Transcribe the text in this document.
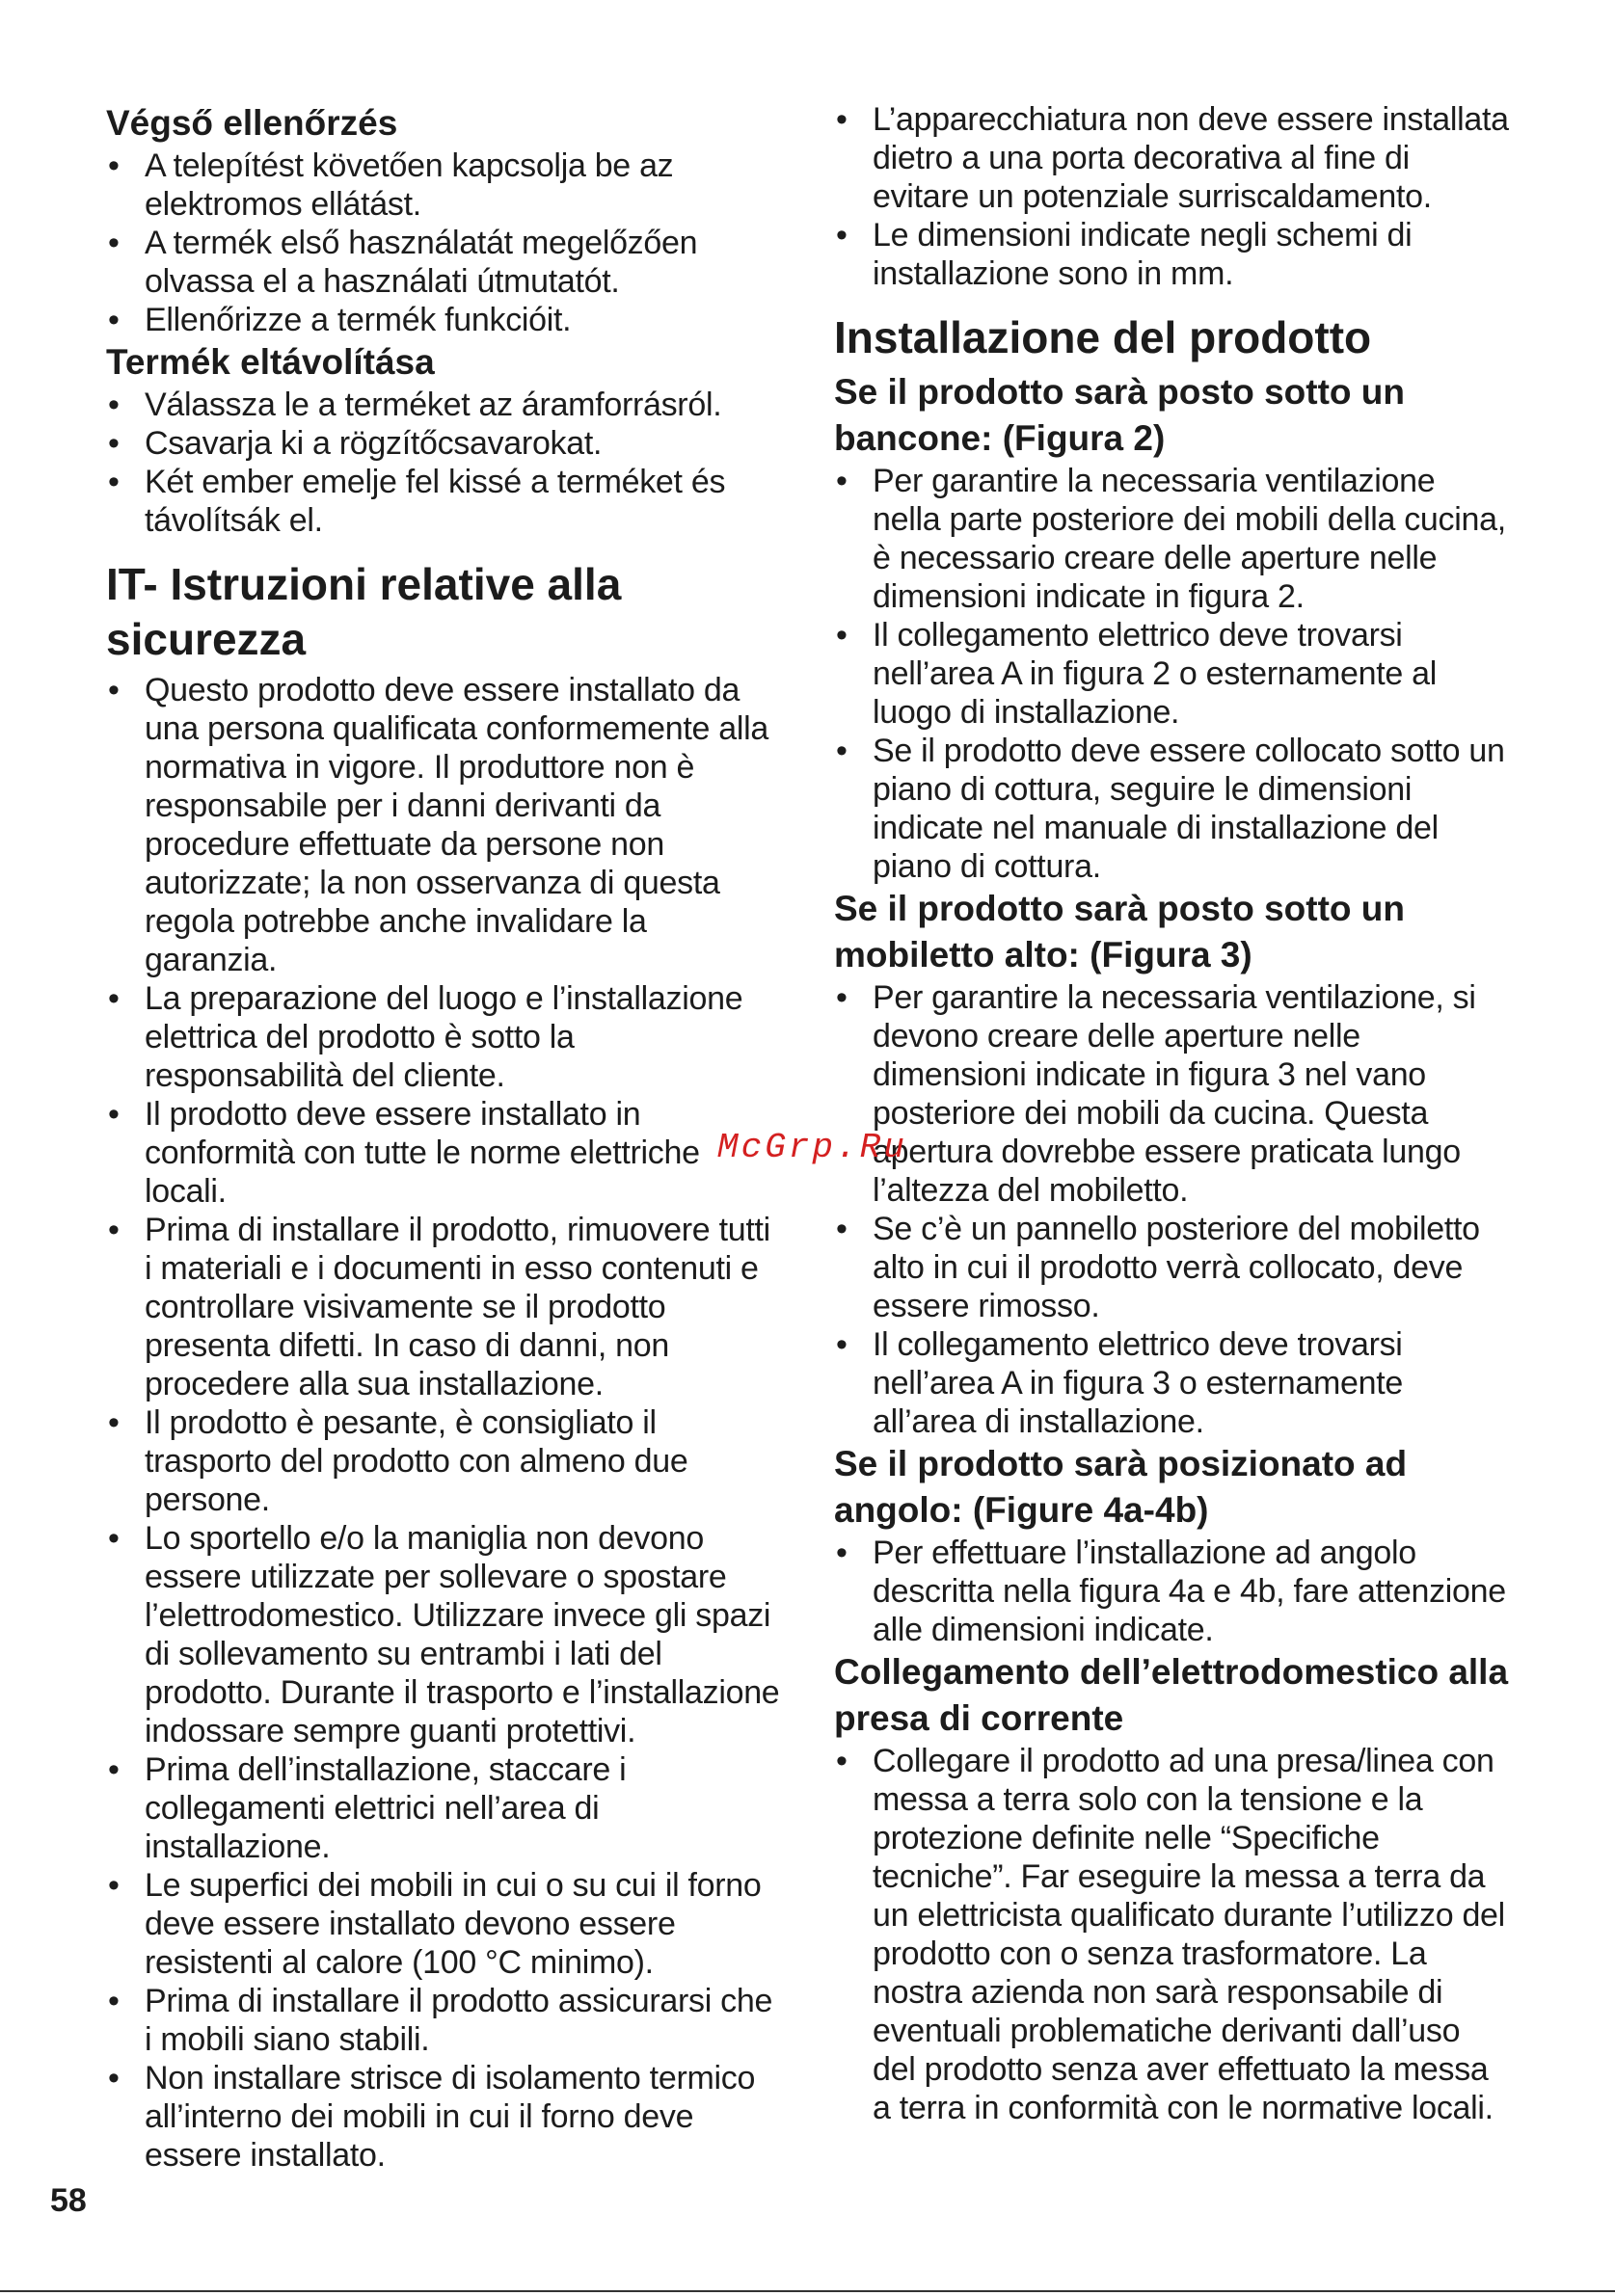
Végső ellenőrzés
• A telepítést követően kapcsolja be az elektromos ellátást.
• A termék első használatát megelőzően olvassa el a használati útmutatót.
• Ellenőrizze a termék funkcióit.
Termék eltávolítása
• Válassza le a terméket az áramforrásról.
• Csavarja ki a rögzítőcsavarokat.
• Két ember emelje fel kissé a terméket és távolítsák el.
IT- Istruzioni relative alla sicurezza
• Questo prodotto deve essere installato da una persona qualificata conformemente alla normativa in vigore. Il produttore non è responsabile per i danni derivanti da procedure effettuate da persone non autorizzate; la non osservanza di questa regola potrebbe anche invalidare la garanzia.
• La preparazione del luogo e l’installazione elettrica del prodotto è sotto la responsabilità del cliente.
• Il prodotto deve essere installato in conformità con tutte le norme elettriche locali.
• Prima di installare il prodotto, rimuovere tutti i materiali e i documenti in esso contenuti e controllare visivamente se il prodotto presenta difetti. In caso di danni, non procedere alla sua installazione.
• Il prodotto è pesante, è consigliato il trasporto del prodotto con almeno due persone.
• Lo sportello e/o la maniglia non devono essere utilizzate per sollevare o spostare l’elettrodomestico. Utilizzare invece gli spazi di sollevamento su entrambi i lati del prodotto. Durante il trasporto e l’installazione indossare sempre guanti protettivi.
• Prima dell’installazione, staccare i collegamenti elettrici nell’area di installazione.
• Le superfici dei mobili in cui o su cui il forno deve essere installato devono essere resistenti al calore (100 °C minimo).
• Prima di installare il prodotto assicurarsi che i mobili siano stabili.
• Non installare strisce di isolamento termico all’interno dei mobili in cui il forno deve essere installato.
• L’apparecchiatura non deve essere installata dietro a una porta decorativa al fine di evitare un potenziale surriscaldamento.
• Le dimensioni indicate negli schemi di installazione sono in mm.
Installazione del prodotto
Se il prodotto sarà posto sotto un bancone: (Figura 2)
• Per garantire la necessaria ventilazione nella parte posteriore dei mobili della cucina, è necessario creare delle aperture nelle dimensioni indicate in figura 2.
• Il collegamento elettrico deve trovarsi nell’area A in figura 2 o esternamente al luogo di installazione.
• Se il prodotto deve essere collocato sotto un piano di cottura, seguire le dimensioni indicate nel manuale di installazione del piano di cottura.
Se il prodotto sarà posto sotto un mobiletto alto: (Figura 3)
• Per garantire la necessaria ventilazione, si devono creare delle aperture nelle dimensioni indicate in figura 3 nel vano posteriore dei mobili da cucina. Questa apertura dovrebbe essere praticata lungo l’altezza del mobiletto.
• Se c’è un pannello posteriore del mobiletto alto in cui il prodotto verrà collocato, deve essere rimosso.
• Il collegamento elettrico deve trovarsi nell’area A in figura 3 o esternamente all’area di installazione.
Se il prodotto sarà posizionato ad angolo: (Figure 4a-4b)
• Per effettuare l’installazione ad angolo descritta nella figura 4a e 4b, fare attenzione alle dimensioni indicate.
Collegamento dell’elettrodomestico alla presa di corrente
• Collegare il prodotto ad una presa/linea con messa a terra solo con la tensione e la protezione definite nelle “Specifiche tecniche”. Far eseguire la messa a terra da un elettricista qualificato durante l’utilizzo del prodotto con o senza trasformatore. La nostra azienda non sarà responsabile di eventuali problematiche derivanti dall’uso del prodotto senza aver effettuato la messa a terra in conformità con le normative locali.
McGrp.Ru
58
